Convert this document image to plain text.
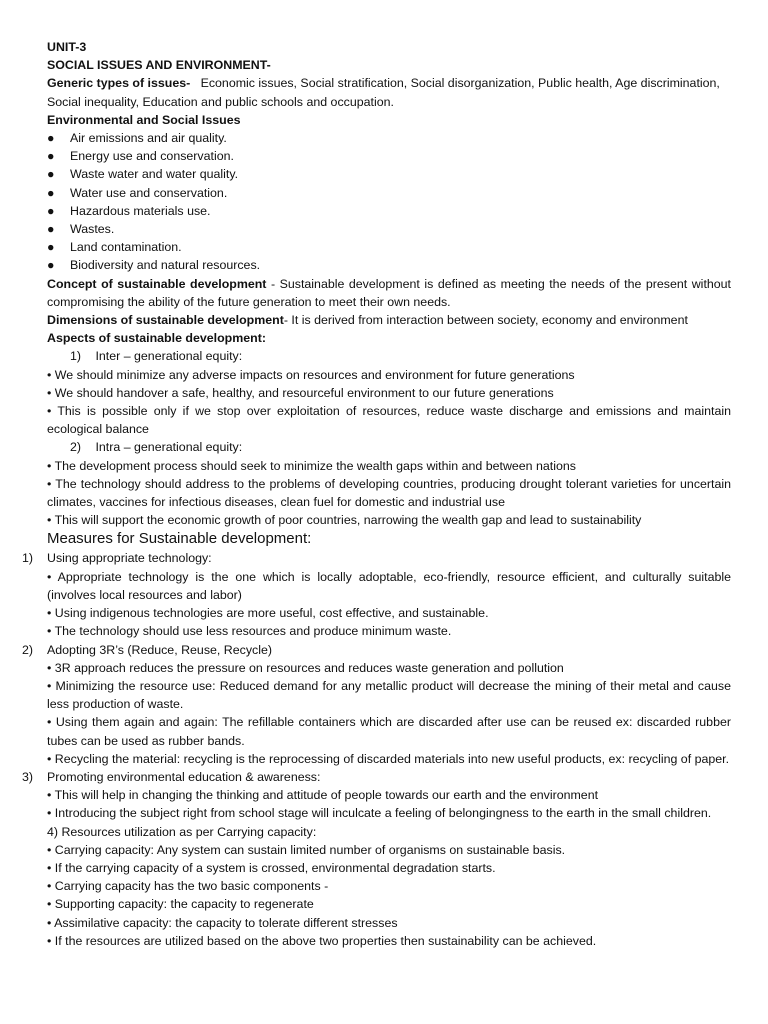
UNIT-3
SOCIAL ISSUES AND ENVIRONMENT-
Generic types of issues-   Economic issues, Social stratification, Social disorganization, Public health, Age discrimination, Social inequality, Education and public schools and occupation.
Environmental and Social Issues
● Air emissions and air quality.
● Energy use and conservation.
● Waste water and water quality.
● Water use and conservation.
● Hazardous materials use.
● Wastes.
● Land contamination.
● Biodiversity and natural resources.
Concept of sustainable development - Sustainable development is defined as meeting the needs of the present without compromising the ability of the future generation to meet their own needs.
Dimensions of sustainable development- It is derived from interaction between society, economy and environment
Aspects of sustainable development:
1) Inter – generational equity:
• We should minimize any adverse impacts on resources and environment for future generations
• We should handover a safe, healthy, and resourceful environment to our future generations
• This is possible only if we stop over exploitation of resources, reduce waste discharge and emissions and maintain ecological balance
2) Intra – generational equity:
• The development process should seek to minimize the wealth gaps within and between nations
• The technology should address to the problems of developing countries, producing drought tolerant varieties for uncertain climates, vaccines for infectious diseases, clean fuel for domestic and industrial use
• This will support the economic growth of poor countries, narrowing the wealth gap and lead to sustainability
Measures for Sustainable development:
1) Using appropriate technology:
• Appropriate technology is the one which is locally adoptable, eco-friendly, resource efficient, and culturally suitable (involves local resources and labor)
• Using indigenous technologies are more useful, cost effective, and sustainable.
• The technology should use less resources and produce minimum waste.
2) Adopting 3R’s (Reduce, Reuse, Recycle)
• 3R approach reduces the pressure on resources and reduces waste generation and pollution
• Minimizing the resource use: Reduced demand for any metallic product will decrease the mining of their metal and cause less production of waste.
• Using them again and again: The refillable containers which are discarded after use can be reused ex: discarded rubber tubes can be used as rubber bands.
• Recycling the material: recycling is the reprocessing of discarded materials into new useful products, ex: recycling of paper.
3) Promoting environmental education & awareness:
• This will help in changing the thinking and attitude of people towards our earth and the environment
• Introducing the subject right from school stage will inculcate a feeling of belongingness to the earth in the small children.
4) Resources utilization as per Carrying capacity:
• Carrying capacity: Any system can sustain limited number of organisms on sustainable basis.
• If the carrying capacity of a system is crossed, environmental degradation starts.
• Carrying capacity has the two basic components -
• Supporting capacity: the capacity to regenerate
• Assimilative capacity: the capacity to tolerate different stresses
• If the resources are utilized based on the above two properties then sustainability can be achieved.
